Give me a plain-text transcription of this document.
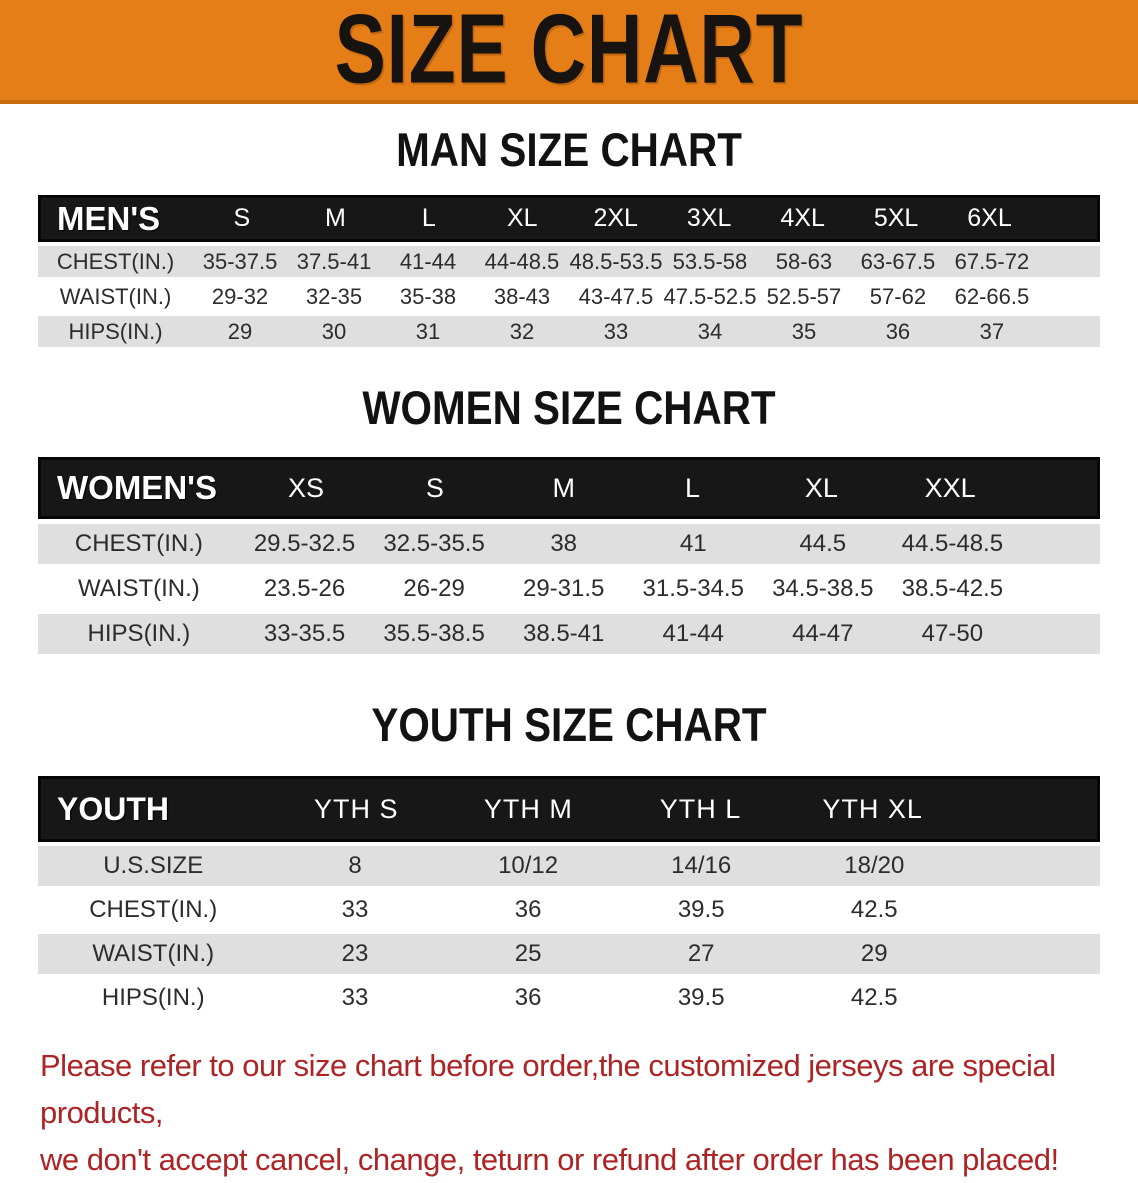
SIZE CHART
MAN SIZE CHART
MEN'S	S	M	L	XL	2XL	3XL	4XL	5XL	6XL
CHEST(IN.)	35-37.5 37.5-41	41-44	44-48.5 48.5-53.5 53.5-58	58-63	63-67.5 67.5-72
WAIST(IN.)	29-32	32-35	35-38	38-43	43-47.5 47.5-52.5 52.5-57	57-62	62-66.5
HIPS(IN.)	29	30	31	32	33	34	35	36	37
WOMEN SIZE CHART
WOMEN'S	XS	S	M	L	XL	XXL
CHEST(IN.)	29.5-32.5	32.5-35.5	38	41	44.5	44.5-48.5
WAIST(IN.)	23.5-26	26-29	29-31.5	31.5-34.5	34.5-38.5	38.5-42.5
HIPS(IN.)	33-35.5	35.5-38.5	38.5-41	41-44	44-47	47-50
YOUTH SIZE CHART
YOUTH	YTH S	YTH M	YTH L	YTH XL
U.S.SIZE	8	10/12	14/16	18/20
CHEST(IN.)	33	36	39.5	42.5
WAIST(IN.)	23	25	27	29
HIPS(IN.)	33	36	39.5	42.5
Please refer to our size chart before order,the customized jerseys are special products,
we don't accept cancel, change, teturn or refund after order has been placed!
